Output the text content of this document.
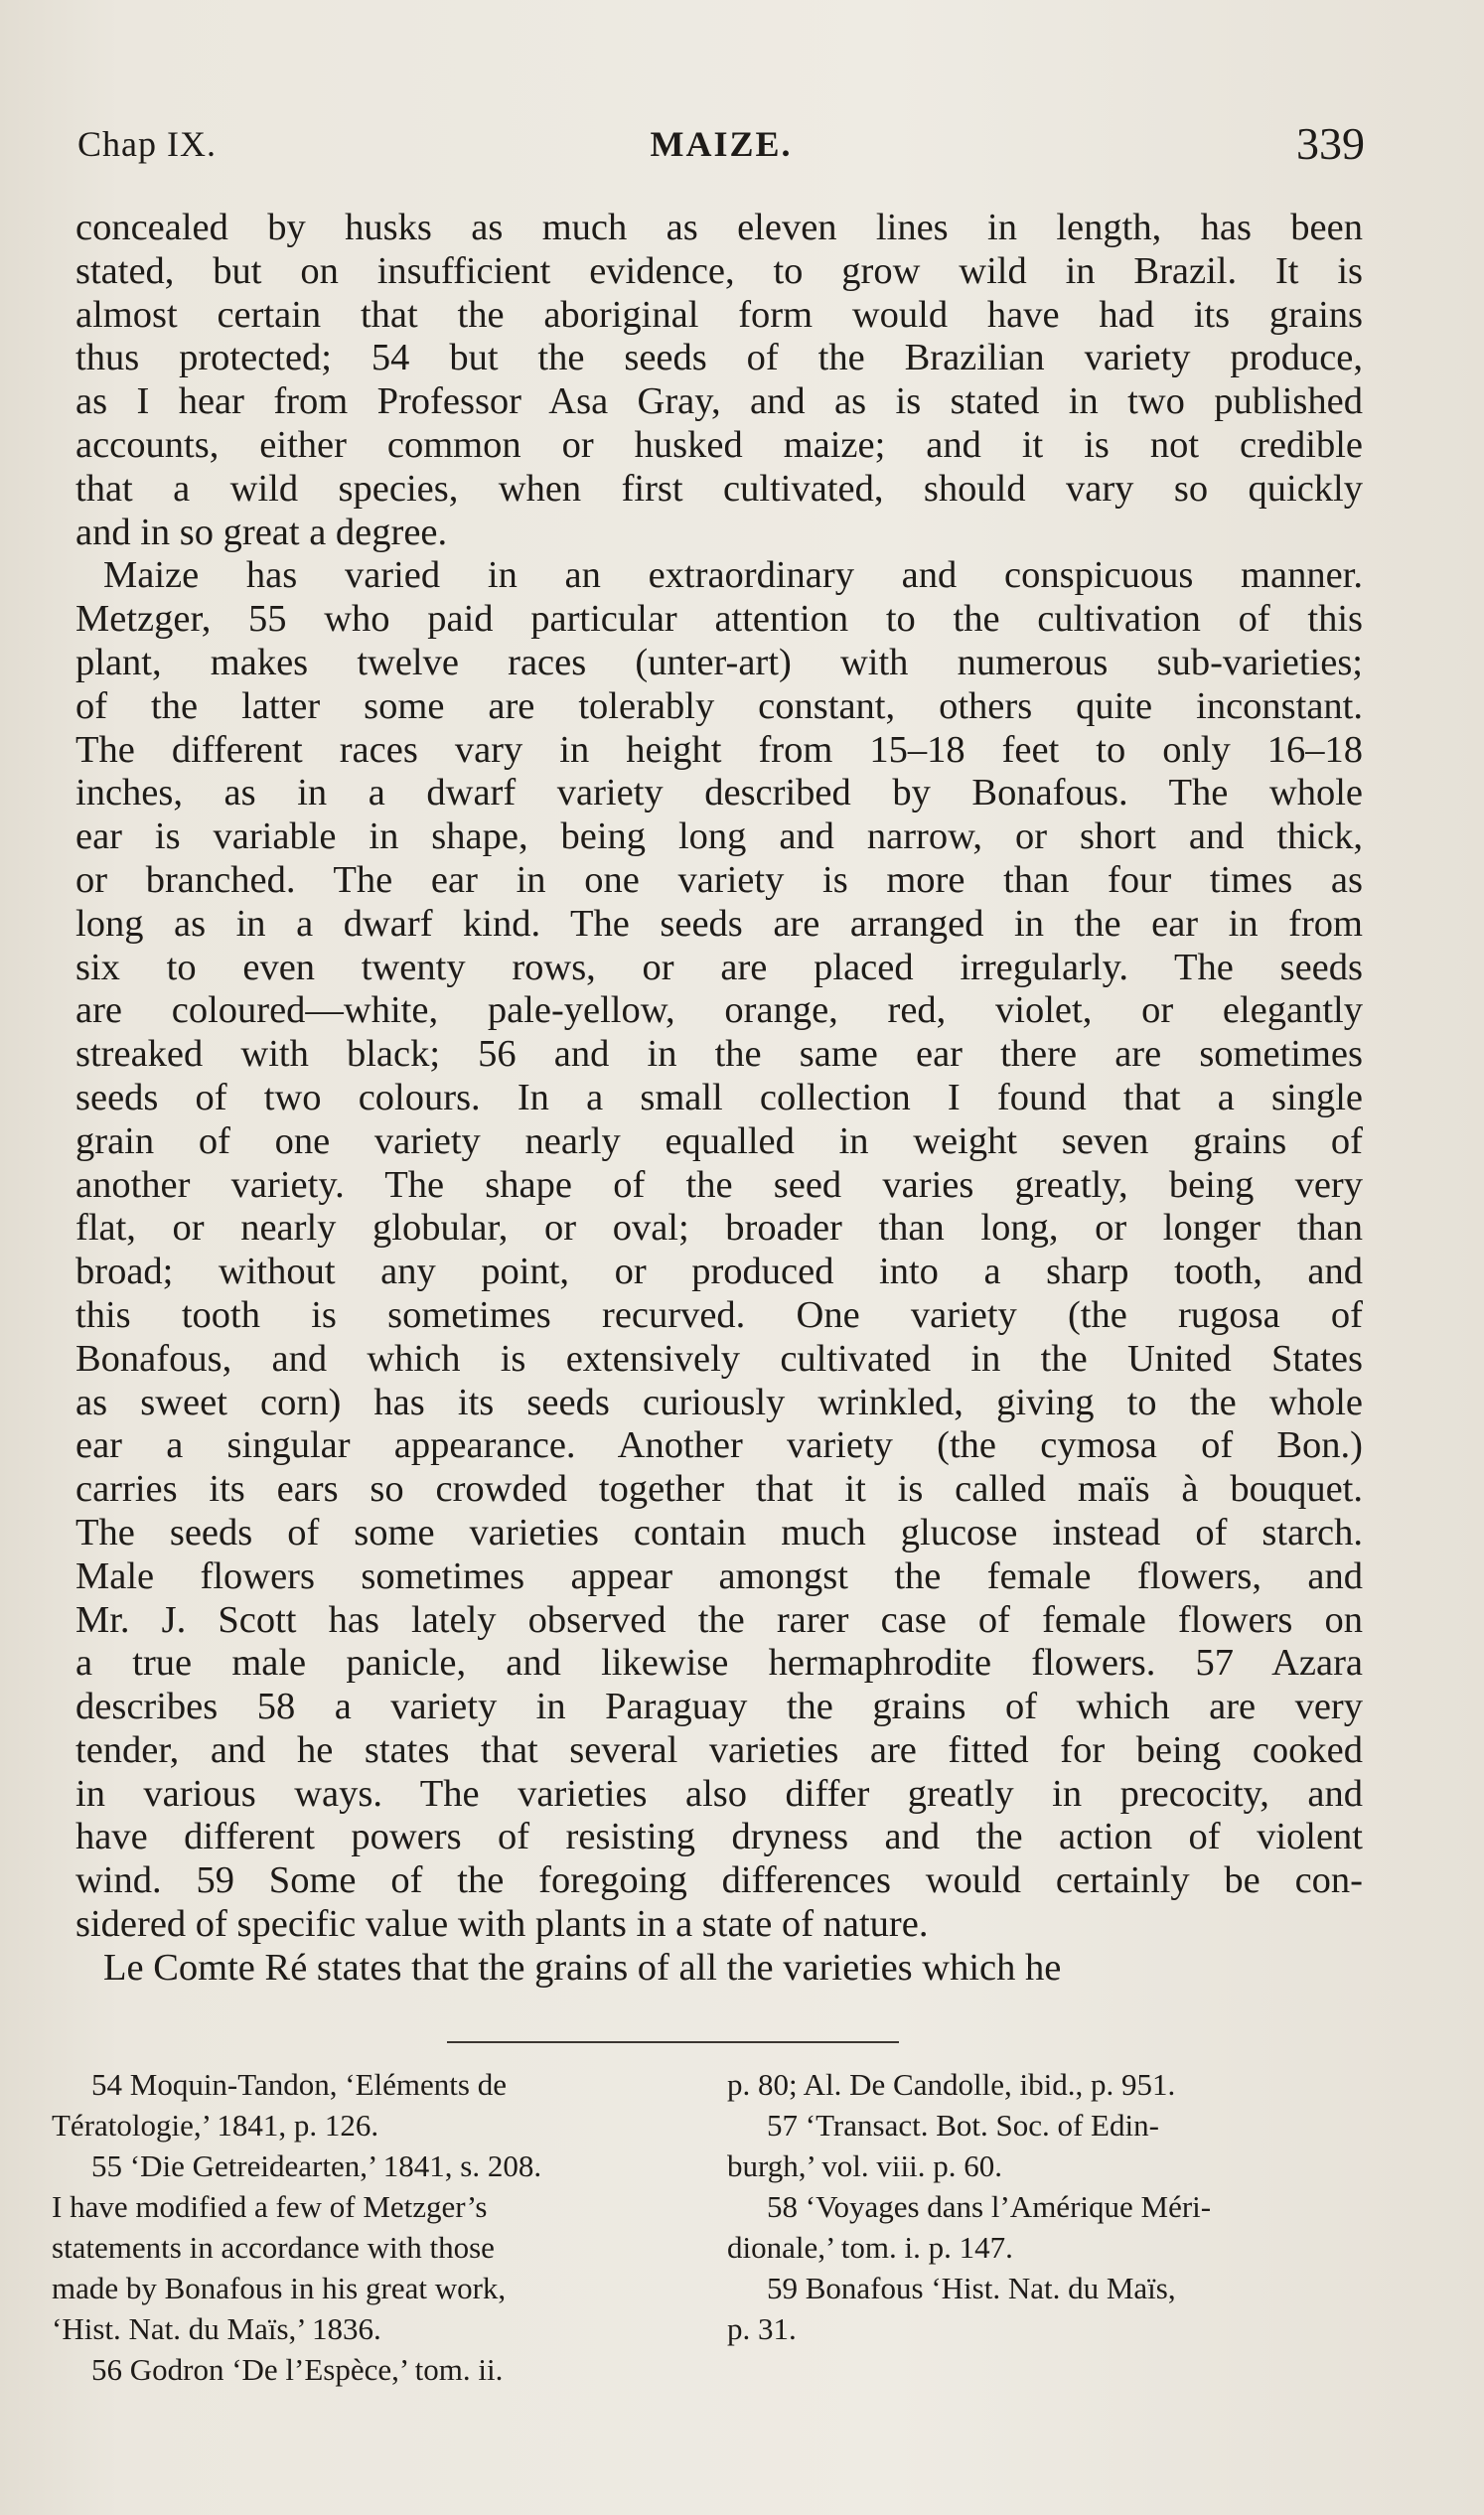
Chap IX.	MAIZE.	339

concealed by husks as much as eleven lines in length, has been
stated, but on insufficient evidence, to grow wild in Brazil. It is
almost certain that the aboriginal form would have had its grains
thus protected; 54 but the seeds of the Brazilian variety produce,
as I hear from Professor Asa Gray, and as is stated in two published
accounts, either common or husked maize; and it is not credible
that a wild species, when first cultivated, should vary so quickly
and in so great a degree.

Maize has varied in an extraordinary and conspicuous manner.
Metzger, 55 who paid particular attention to the cultivation of this
plant, makes twelve races (unter-art) with numerous sub-varieties;
of the latter some are tolerably constant, others quite inconstant.
The different races vary in height from 15–18 feet to only 16–18
inches, as in a dwarf variety described by Bonafous. The whole
ear is variable in shape, being long and narrow, or short and thick,
or branched. The ear in one variety is more than four times as
long as in a dwarf kind. The seeds are arranged in the ear in from
six to even twenty rows, or are placed irregularly. The seeds
are coloured—white, pale-yellow, orange, red, violet, or elegantly
streaked with black; 56 and in the same ear there are sometimes
seeds of two colours. In a small collection I found that a single
grain of one variety nearly equalled in weight seven grains of
another variety. The shape of the seed varies greatly, being very
flat, or nearly globular, or oval; broader than long, or longer than
broad; without any point, or produced into a sharp tooth, and
this tooth is sometimes recurved. One variety (the rugosa of
Bonafous, and which is extensively cultivated in the United States
as sweet corn) has its seeds curiously wrinkled, giving to the whole
ear a singular appearance. Another variety (the cymosa of Bon.)
carries its ears so crowded together that it is called maïs à bouquet.
The seeds of some varieties contain much glucose instead of starch.
Male flowers sometimes appear amongst the female flowers, and
Mr. J. Scott has lately observed the rarer case of female flowers on
a true male panicle, and likewise hermaphrodite flowers. 57 Azara
describes 58 a variety in Paraguay the grains of which are very
tender, and he states that several varieties are fitted for being cooked
in various ways. The varieties also differ greatly in precocity, and
have different powers of resisting dryness and the action of violent
wind. 59 Some of the foregoing differences would certainly be con-
sidered of specific value with plants in a state of nature.

Le Comte Ré states that the grains of all the varieties which he

54 Moquin-Tandon, ‘Eléments de
Tératologie,’ 1841, p. 126.
55 ‘Die Getreidearten,’ 1841, s. 208.
I have modified a few of Metzger’s
statements in accordance with those
made by Bonafous in his great work,
‘Hist. Nat. du Maïs,’ 1836.
56 Godron ‘De l’Espèce,’ tom. ii.
p. 80; Al. De Candolle, ibid., p. 951.
57 ‘Transact. Bot. Soc. of Edin-
burgh,’ vol. viii. p. 60.
58 ‘Voyages dans l’Amérique Méri-
dionale,’ tom. i. p. 147.
59 Bonafous ‘Hist. Nat. du Maïs,
p. 31.
